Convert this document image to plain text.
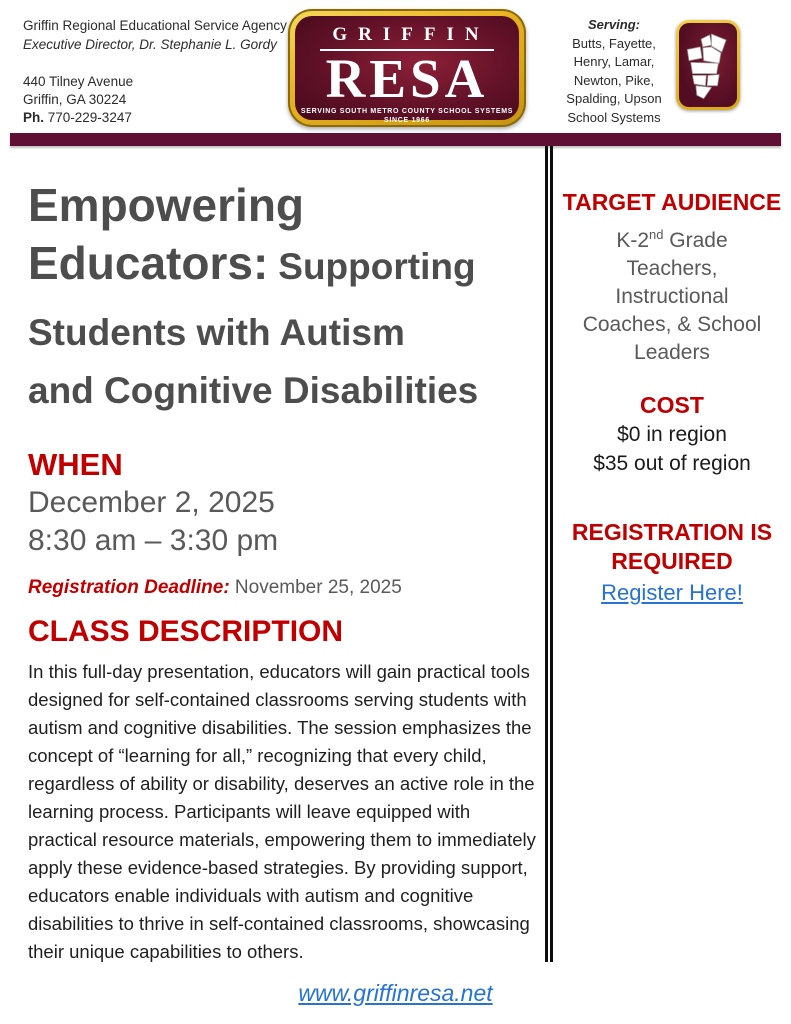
Griffin Regional Educational Service Agency
Executive Director, Dr. Stephanie L. Gordy
440 Tilney Avenue
Griffin, GA 30224
Ph. 770-229-3247
GRIFFIN
RESA
SERVING SOUTH METRO COUNTY SCHOOL SYSTEMS
SINCE 1966
Serving:
Butts, Fayette,
Henry, Lamar,
Newton, Pike,
Spalding, Upson
School Systems
Empowering
Educators: Supporting
Students with Autism
and Cognitive Disabilities
WHEN
December 2, 2025
8:30 am – 3:30 pm
Registration Deadline: November 25, 2025
CLASS DESCRIPTION
In this full-day presentation, educators will gain practical tools designed for self-contained classrooms serving students with autism and cognitive disabilities. The session emphasizes the concept of “learning for all,” recognizing that every child, regardless of ability or disability, deserves an active role in the learning process. Participants will leave equipped with practical resource materials, empowering them to immediately apply these evidence-based strategies. By providing support, educators enable individuals with autism and cognitive disabilities to thrive in self-contained classrooms, showcasing their unique capabilities to others.
TARGET AUDIENCE
K-2nd Grade Teachers, Instructional Coaches, & School Leaders
COST
$0 in region
$35 out of region
REGISTRATION IS REQUIRED
Register Here!
www.griffinresa.net
